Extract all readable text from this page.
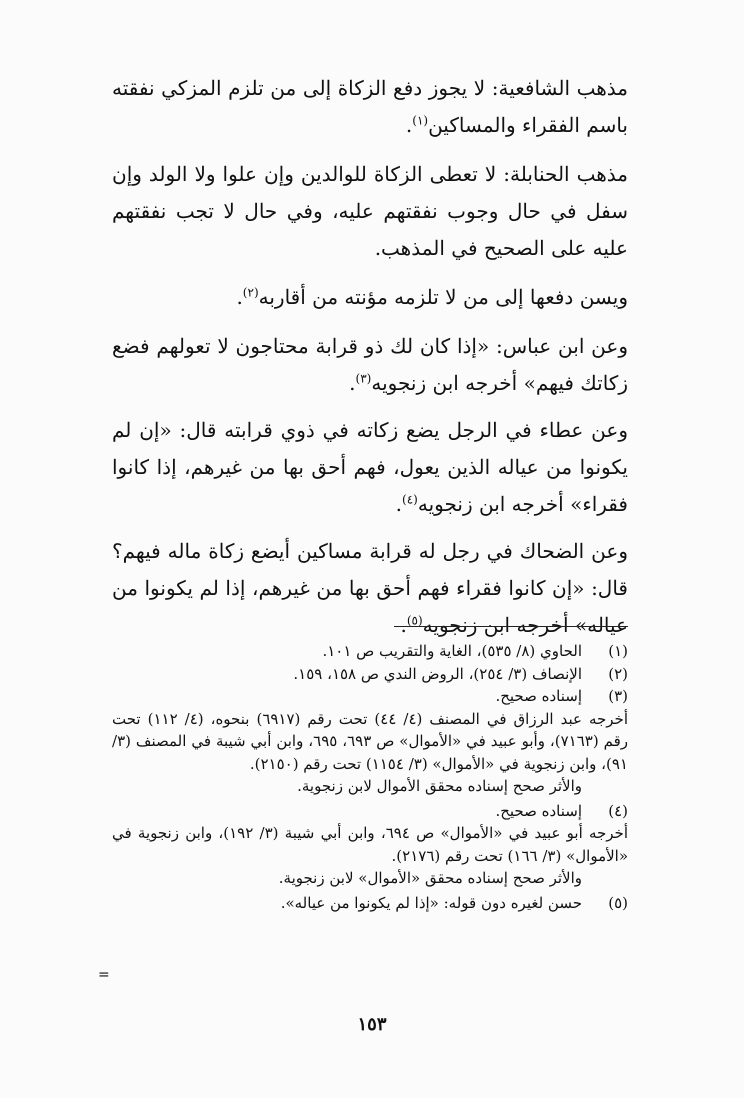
مذهب الشافعية: لا يجوز دفع الزكاة إلى من تلزم المزكي نفقته باسم الفقراء والمساكين$^{(١)}$.

مذهب الحنابلة: لا تعطى الزكاة للوالدين وإن علوا ولا الولد وإن سفل في حال وجوب نفقتهم عليه، وفي حال لا تجب نفقتهم عليه على الصحيح في المذهب.

ويسن دفعها إلى من لا تلزمه مؤنته من أقاربه$^{(٢)}$.

وعن ابن عباس: «إذا كان لك ذو قرابة محتاجون لا تعولهم فضع زكاتك فيهم» أخرجه ابن زنجويه$^{(٣)}$.

وعن عطاء في الرجل يضع زكاته في ذوي قرابته قال: «إن لم يكونوا من عياله الذين يعول، فهم أحق بها من غيرهم، إذا كانوا فقراء» أخرجه ابن زنجويه$^{(٤)}$.

وعن الضحاك في رجل له قرابة مساكين أيضع زكاة ماله فيهم؟ قال: «إن كانوا فقراء فهم أحق بها من غيرهم، إذا لم يكونوا من عياله» أخرجه ابن زنجويه$^{(٥)}$.

(١)
الحاوي (٨/ ٥٣٥)، الغاية والتقريب ص ١٠١.
(٢)
الإنصاف (٣/ ٢٥٤)، الروض الندي ص ١٥٨، ١٥٩.
(٣)
إسناده صحيح.
أخرجه عبد الرزاق في المصنف (٤/ ٤٤) تحت رقم (٦٩١٧) بنحوه، (٤/ ١١٢) تحت رقم (٧١٦٣)، وأبو عبيد في «الأموال» ص ٦٩٣، ٦٩٥، وابن أبي شيبة في المصنف (٣/ ٩١)، وابن زنجوية في «الأموال» (٣/ ١١٥٤) تحت رقم (٢١٥٠).
والأثر صحح إسناده محقق الأموال لابن زنجوية.
(٤)
إسناده صحيح.
أخرجه أبو عبيد في «الأموال» ص ٦٩٤، وابن أبي شيبة (٣/ ١٩٢)، وابن زنجوية في «الأموال» (٣/ ١٦٦) تحت رقم (٢١٧٦).
والأثر صحح إسناده محقق «الأموال» لابن زنجوية.
(٥)
حسن لغيره دون قوله: «إذا لم يكونوا من عياله».
=
١٥٣
